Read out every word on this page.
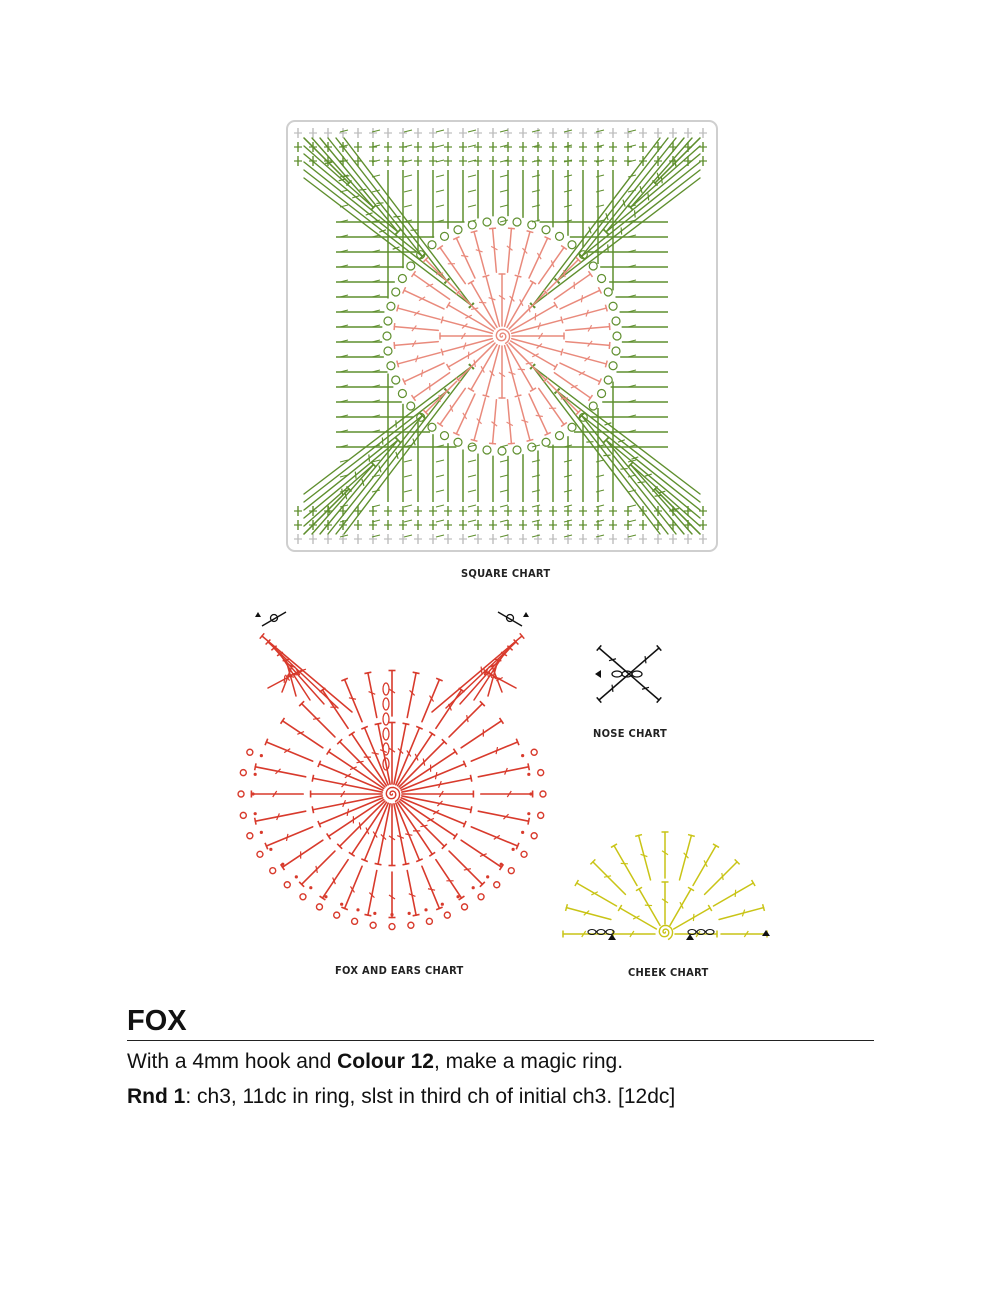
SQUARE CHART
FOX AND EARS CHART
NOSE CHART
CHEEK CHART
FOX

With a 4mm hook and Colour 12, make a magic ring.

Rnd 1: ch3, 11dc in ring, slst in third ch of initial ch3. [12dc]
